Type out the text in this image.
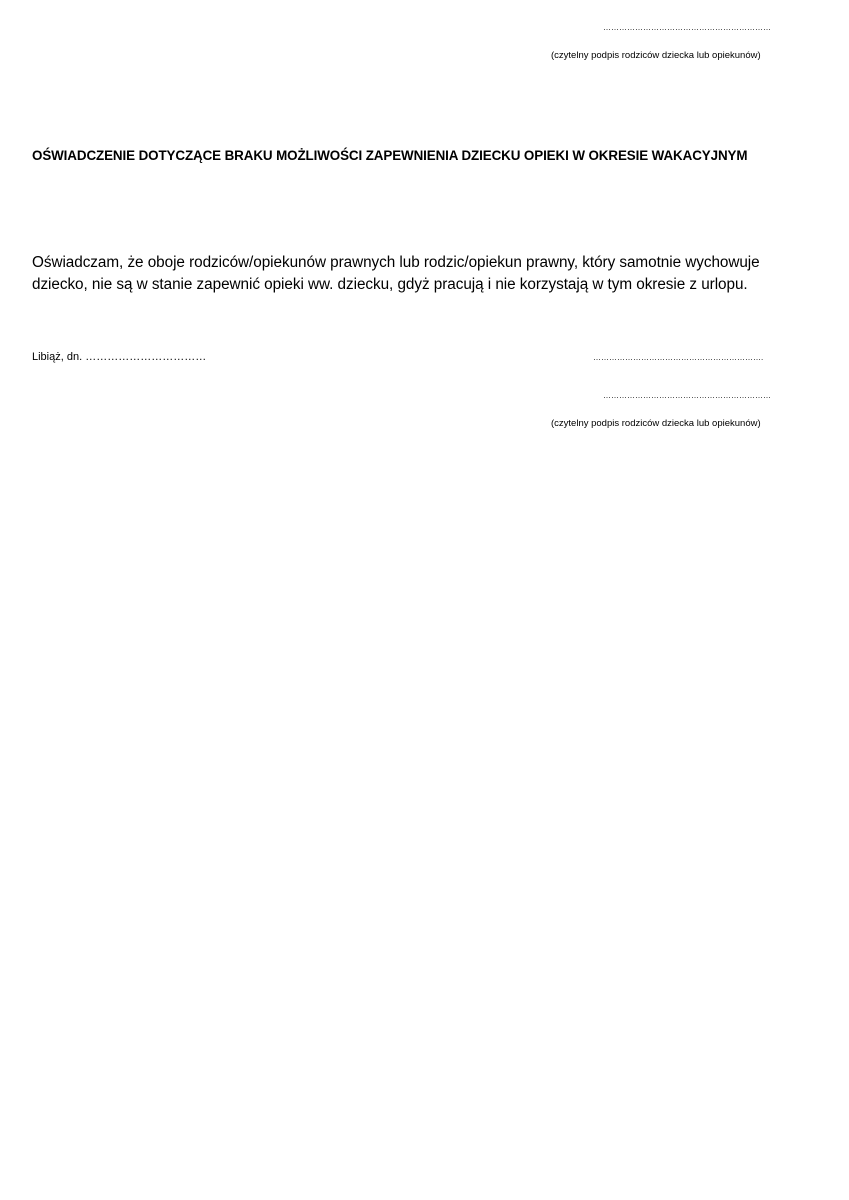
………………………………………………………
(czytelny podpis rodziców dziecka lub opiekunów)
OŚWIADCZENIE DOTYCZĄCE BRAKU MOŻLIWOŚCI ZAPEWNIENIA DZIECKU OPIEKI W OKRESIE WAKACYJNYM
Oświadczam, że oboje rodziców/opiekunów prawnych lub rodzic/opiekun prawny, który samotnie wychowuje
dziecko, nie są w stanie zapewnić opieki ww. dziecku, gdyż pracują i nie korzystają w tym okresie z urlopu.
Libiąż, dn. ……………………………	……………………………………………………….
………………………………………………………
(czytelny podpis rodziców dziecka lub opiekunów)
